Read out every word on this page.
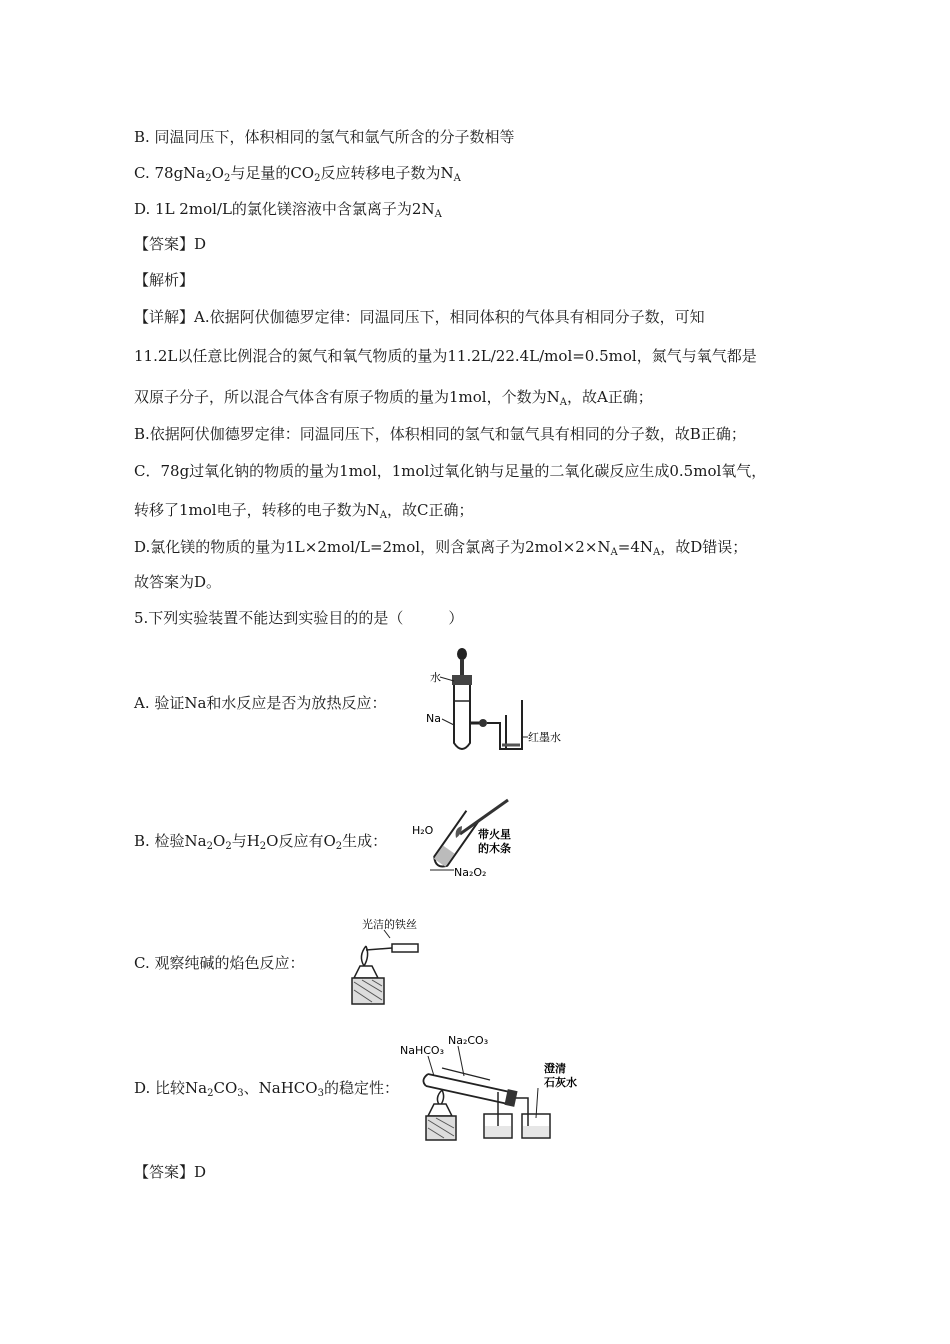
B. 同温同压下，体积相同的氢气和氩气所含的分子数相等
C. $78gNa_2O_2$与足量的$CO_2$反应转移电子数为$N_A$
D. 1L 2mol/L的氯化镁溶液中含氯离子为$2N_A$
【答案】D
【解析】
【详解】A.依据阿伏伽德罗定律：同温同压下，相同体积的气体具有相同分子数，可知
11.2L以任意比例混合的氮气和氧气物质的量为11.2L/22.4L/mol=0.5mol，氮气与氧气都是
双原子分子，所以混合气体含有原子物质的量为1mol，个数为$N_A$，故A正确；
B.依据阿伏伽德罗定律：同温同压下，体积相同的氢气和氩气具有相同的分子数，故B正确；
C．78g过氧化钠的物质的量为1mol，1mol过氧化钠与足量的二氧化碳反应生成0.5mol氧气，
转移了1mol电子，转移的电子数为$N_A$，故C正确；
D.氯化镁的物质的量为1L×2mol/L=2mol，则含氯离子为$2mol\times 2\times N_A=4N_A$，故D错误；
故答案为D。
5.下列实验装置不能达到实验目的的是（　　　）
A. 验证Na和水反应是否为放热反应：
B. 检验$Na_2O_2$与$H_2O$反应有$O_2$生成：
C. 观察纯碱的焰色反应：
D. 比较$Na_2CO_3$、NaHCO$_3$的稳定性：
【答案】D
水
Na
红墨水
H₂O	带火星
的木条
Na₂O₂
光洁的铁丝
Na₂CO₃
NaHCO₃
澄清
石灰水
